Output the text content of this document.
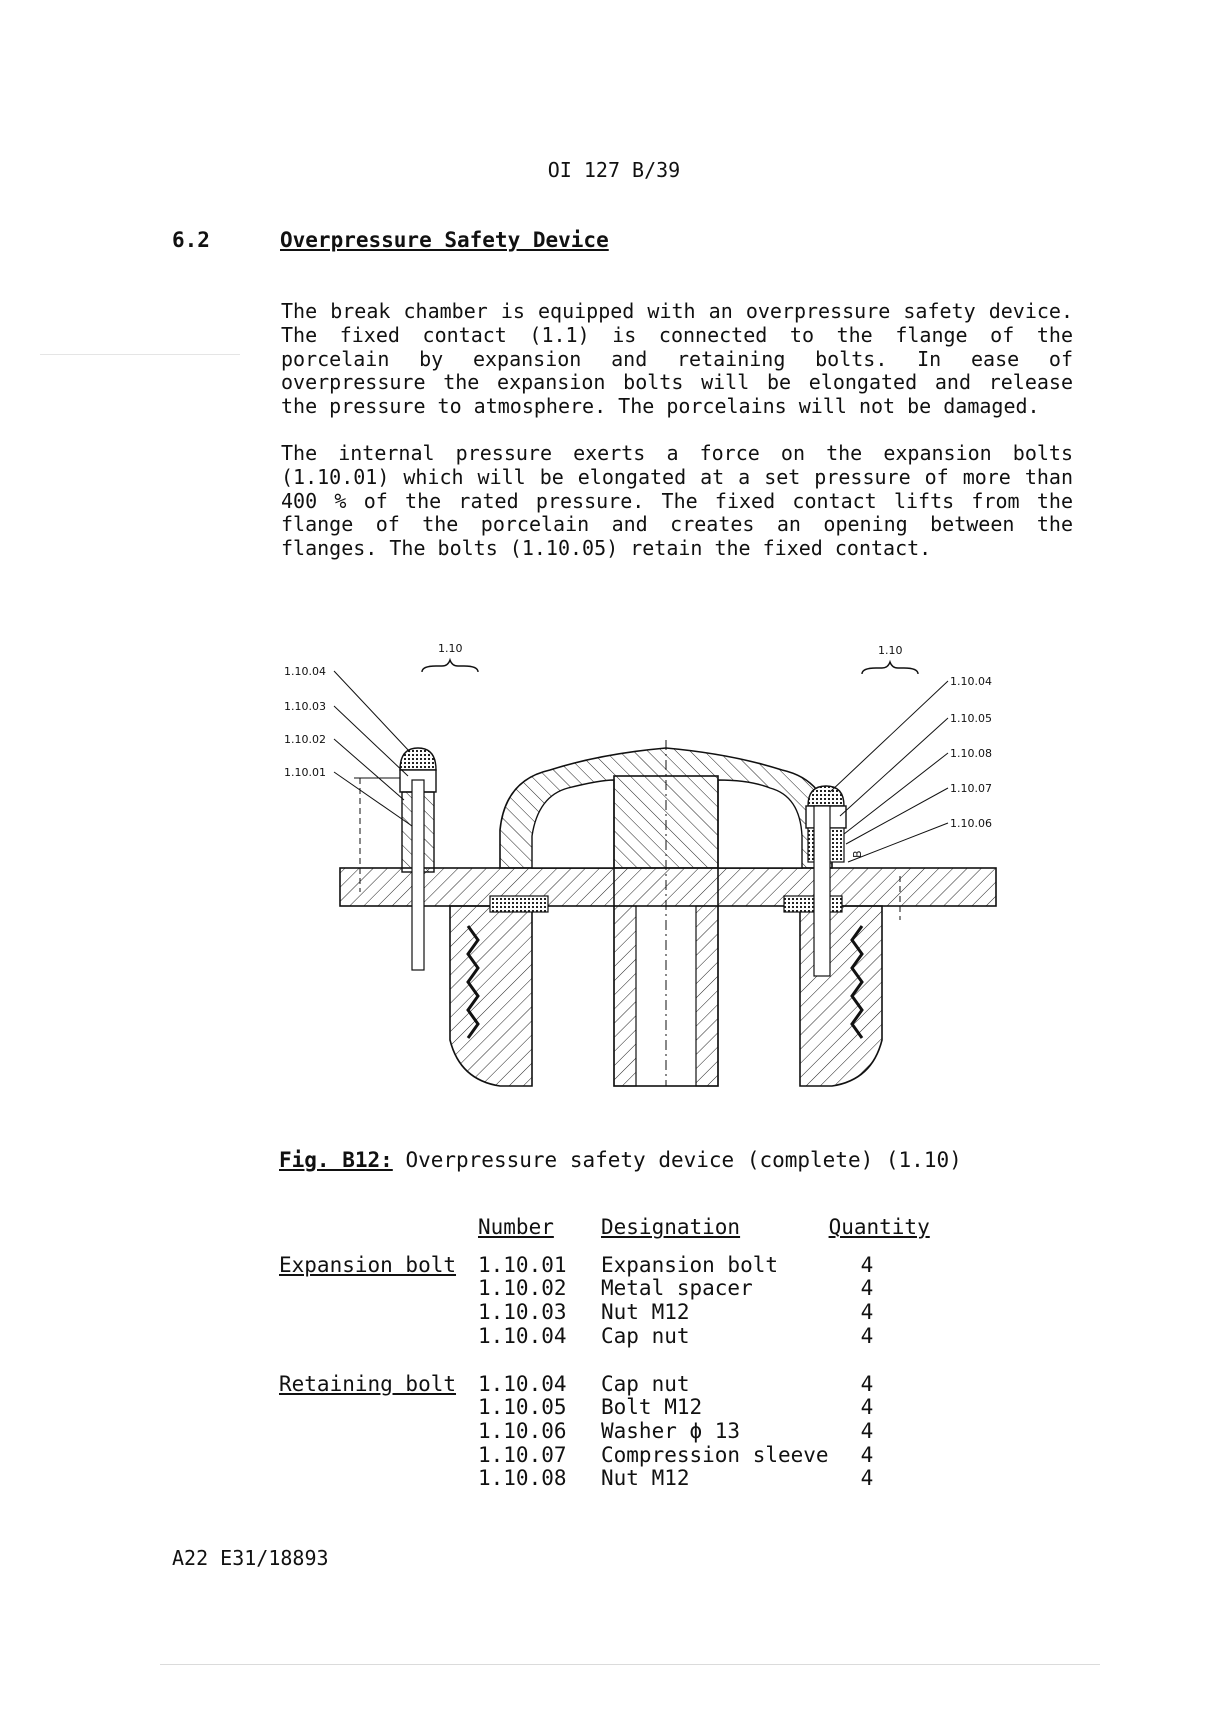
OI 127 B/39
6.2	Overpressure Safety Device
The break chamber is equipped with an overpressure safety device. The fixed contact (1.1) is connected to the flange of the porcelain by expansion and retaining bolts. In ease of overpressure the expansion bolts will be elongated and release the pressure to atmosphere. The porcelains will not be damaged.
The internal pressure exerts a force on the expansion bolts (1.10.01) which will be elongated at a set pressure of more than 400 % of the rated pressure. The fixed contact lifts from the flange of the porcelain and creates an opening between the flanges. The bolts (1.10.05) retain the fixed contact.
1.10	1.10
B
1.10.04
1.10.03
1.10.02
1.10.01
1.10.04
1.10.05
1.10.08
1.10.07
1.10.06
Fig. B12: Overpressure safety device (complete) (1.10)
	Number	Designation	Quantity
Expansion bolt	1.10.01	Expansion bolt	4
	1.10.02	Metal spacer	4
	1.10.03	Nut M12	4
	1.10.04	Cap nut	4

Retaining bolt	1.10.04	Cap nut	4
	1.10.05	Bolt M12	4
	1.10.06	Washer ϕ 13	4
	1.10.07	Compression sleeve	4
	1.10.08	Nut M12	4
A22 E31/18893
